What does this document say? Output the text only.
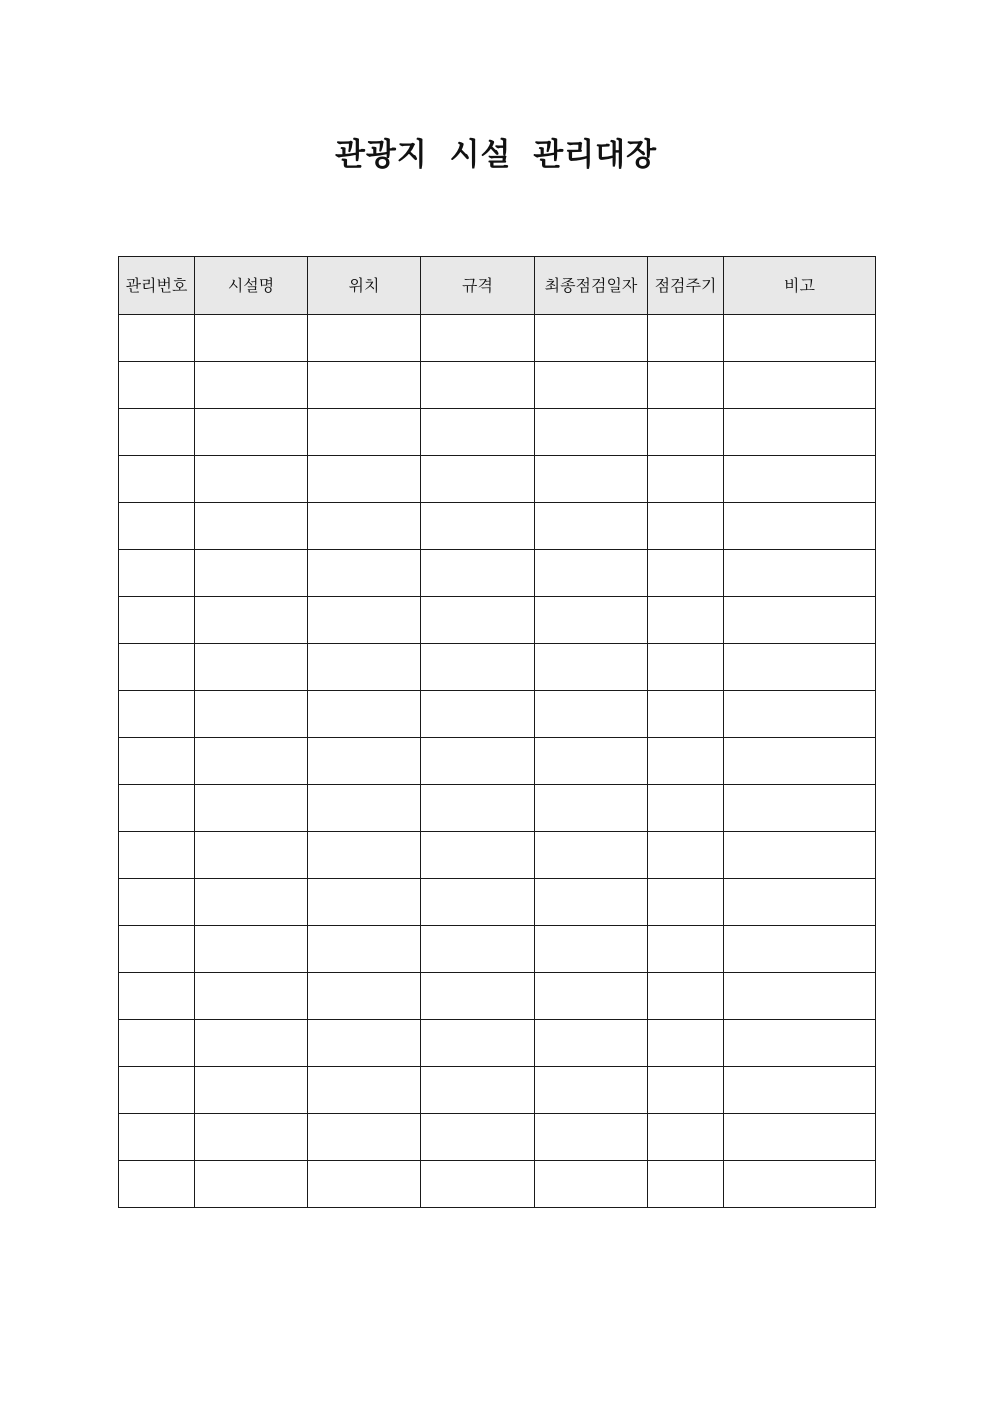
관광지 시설 관리대장
관리번호	시설명	위치	규격	최종점검일자	점검주기	비고
